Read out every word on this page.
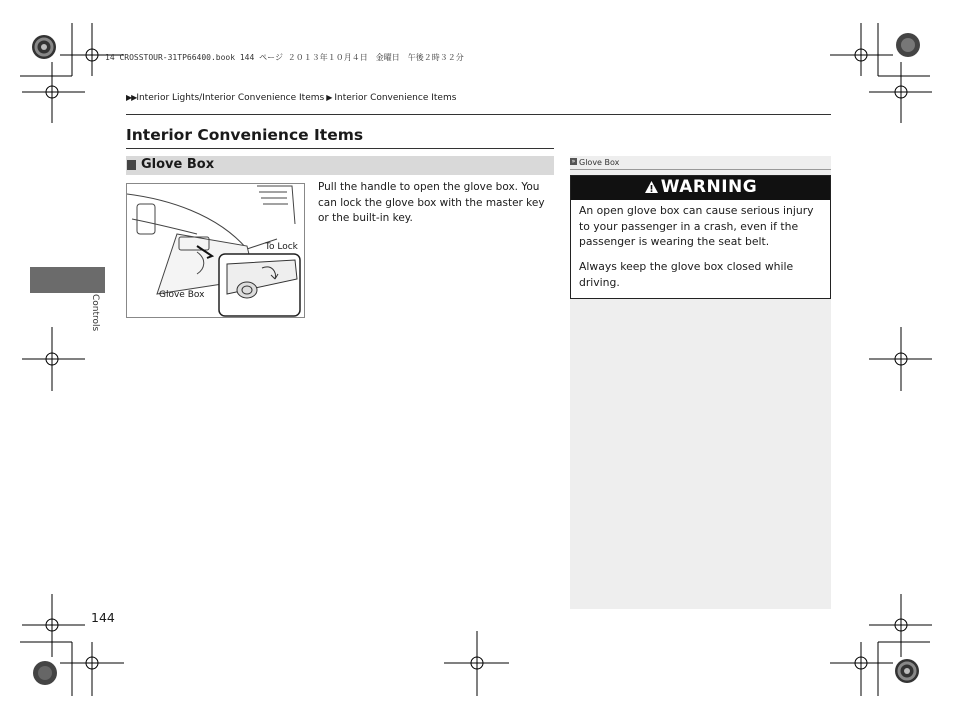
14 CROSSTOUR-31TP66400.book 144 ページ ２０１３年１０月４日　金曜日　午後２時３２分
▶▶Interior Lights/Interior Convenience Items ▶ Interior Convenience Items
Interior Convenience Items
Glove Box
To Lock
Glove Box
Pull the handle to open the glove box. You can lock the glove box with the master key or the built-in key.
» Glove Box
WARNING
An open glove box can cause serious injury to your passenger in a crash, even if the passenger is wearing the seat belt.
Always keep the glove box closed while driving.
Controls
144
